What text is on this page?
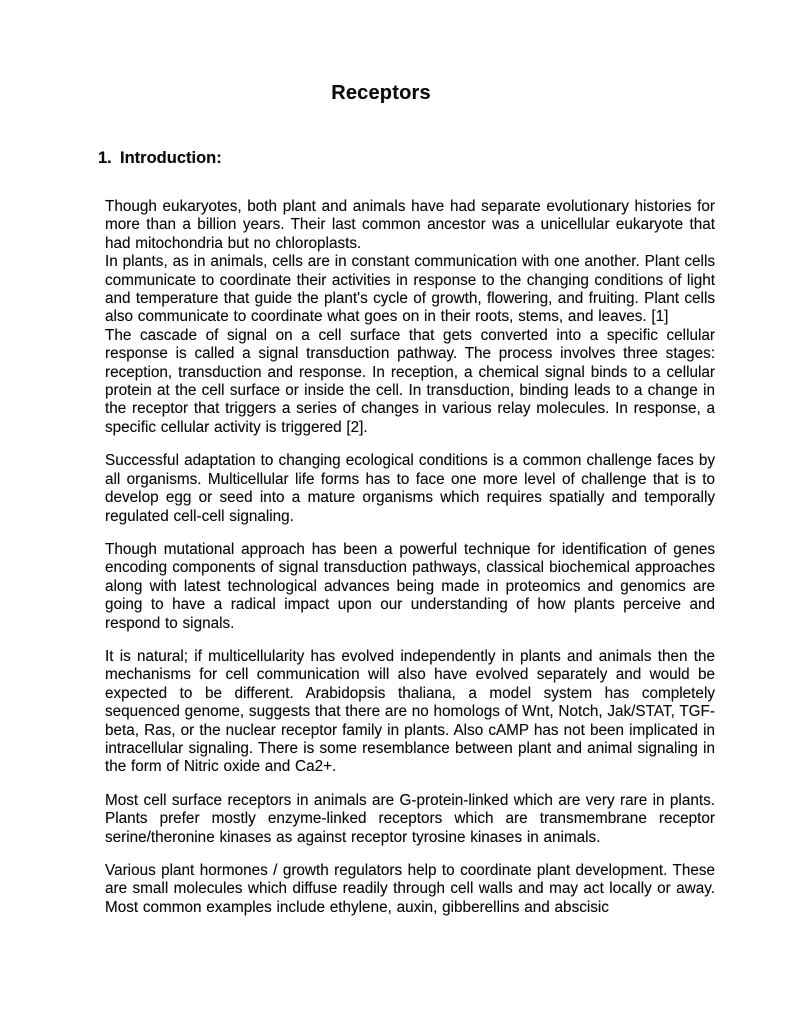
Receptors
1. Introduction:

Though eukaryotes, both plant and animals have had separate evolutionary histories for more than a billion years. Their last common ancestor was a unicellular eukaryote that had mitochondria but no chloroplasts.

In plants, as in animals, cells are in constant communication with one another. Plant cells communicate to coordinate their activities in response to the changing conditions of light and temperature that guide the plant's cycle of growth, flowering, and fruiting. Plant cells also communicate to coordinate what goes on in their roots, stems, and leaves. [1]

The cascade of signal on a cell surface that gets converted into a specific cellular response is called a signal transduction pathway. The process involves three stages: reception, transduction and response. In reception, a chemical signal binds to a cellular protein at the cell surface or inside the cell. In transduction, binding leads to a change in the receptor that triggers a series of changes in various relay molecules. In response, a specific cellular activity is triggered [2].

Successful adaptation to changing ecological conditions is a common challenge faces by all organisms. Multicellular life forms has to face one more level of challenge that is to develop egg or seed into a mature organisms which requires spatially and temporally regulated cell-cell signaling.

Though mutational approach has been a powerful technique for identification of genes encoding components of signal transduction pathways, classical biochemical approaches along with latest technological advances being made in proteomics and genomics are going to have a radical impact upon our understanding of how plants perceive and respond to signals.

It is natural; if multicellularity has evolved independently in plants and animals then the mechanisms for cell communication will also have evolved separately and would be expected to be different. Arabidopsis thaliana, a model system has completely sequenced genome, suggests that there are no homologs of Wnt, Notch, Jak/STAT, TGF-beta, Ras, or the nuclear receptor family in plants. Also cAMP has not been implicated in intracellular signaling. There is some resemblance between plant and animal signaling in the form of Nitric oxide and Ca2+.

Most cell surface receptors in animals are G-protein-linked which are very rare in plants. Plants prefer mostly enzyme-linked receptors which are transmembrane receptor serine/theronine kinases as against receptor tyrosine kinases in animals.

Various plant hormones / growth regulators help to coordinate plant development. These are small molecules which diffuse readily through cell walls and may act locally or away. Most common examples include ethylene, auxin, gibberellins and abscisic
